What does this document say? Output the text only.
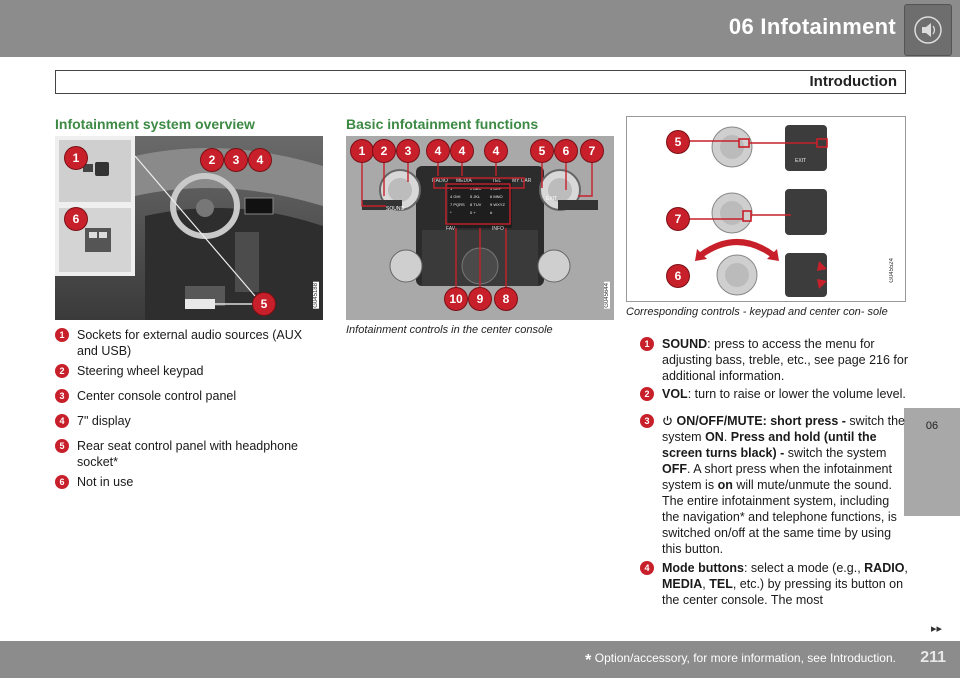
06 Infotainment
Introduction
06
Infotainment system overview
1	2	3	4
6
5	G045188
1	Sockets for external audio sources (AUX and USB)
2	Steering wheel keypad
3	Center console control panel
4	7" display
5	Rear seat control panel with headphone socket*
6	Not in use
Basic infotainment functions
SOUND
RADIO MEDIA	TEL MY CAR
EXIT
FAV	INFO
1	2 ABC	3 DEF
4 GHI	5 JKL	6 MNO
7 PQRS	8 TUV	9 WXYZ
*	0 +	#
1	2	3	4	4	4	5	6	7
10	9	8	G045644
Infotainment controls in the center console
EXIT
5
7
6	G045524
Corresponding controls - keypad and center con- sole
1	SOUND: press to access the menu for adjusting bass, treble, etc., see page 216 for additional information.
2	VOL: turn to raise or lower the volume level.
3	ON/OFF/MUTE: short press - switch the system ON. Press and hold (until the screen turns black) - switch the system OFF. A short press when the infotainment system is on will mute/unmute the sound. The entire infotainment system, including the navigation* and telephone functions, is switched on/off at the same time by using this button.
4	Mode buttons: select a mode (e.g., RADIO, MEDIA, TEL, etc.) by pressing its button on the center console. The most
▸▸
* Option/accessory, for more information, see Introduction. 211
